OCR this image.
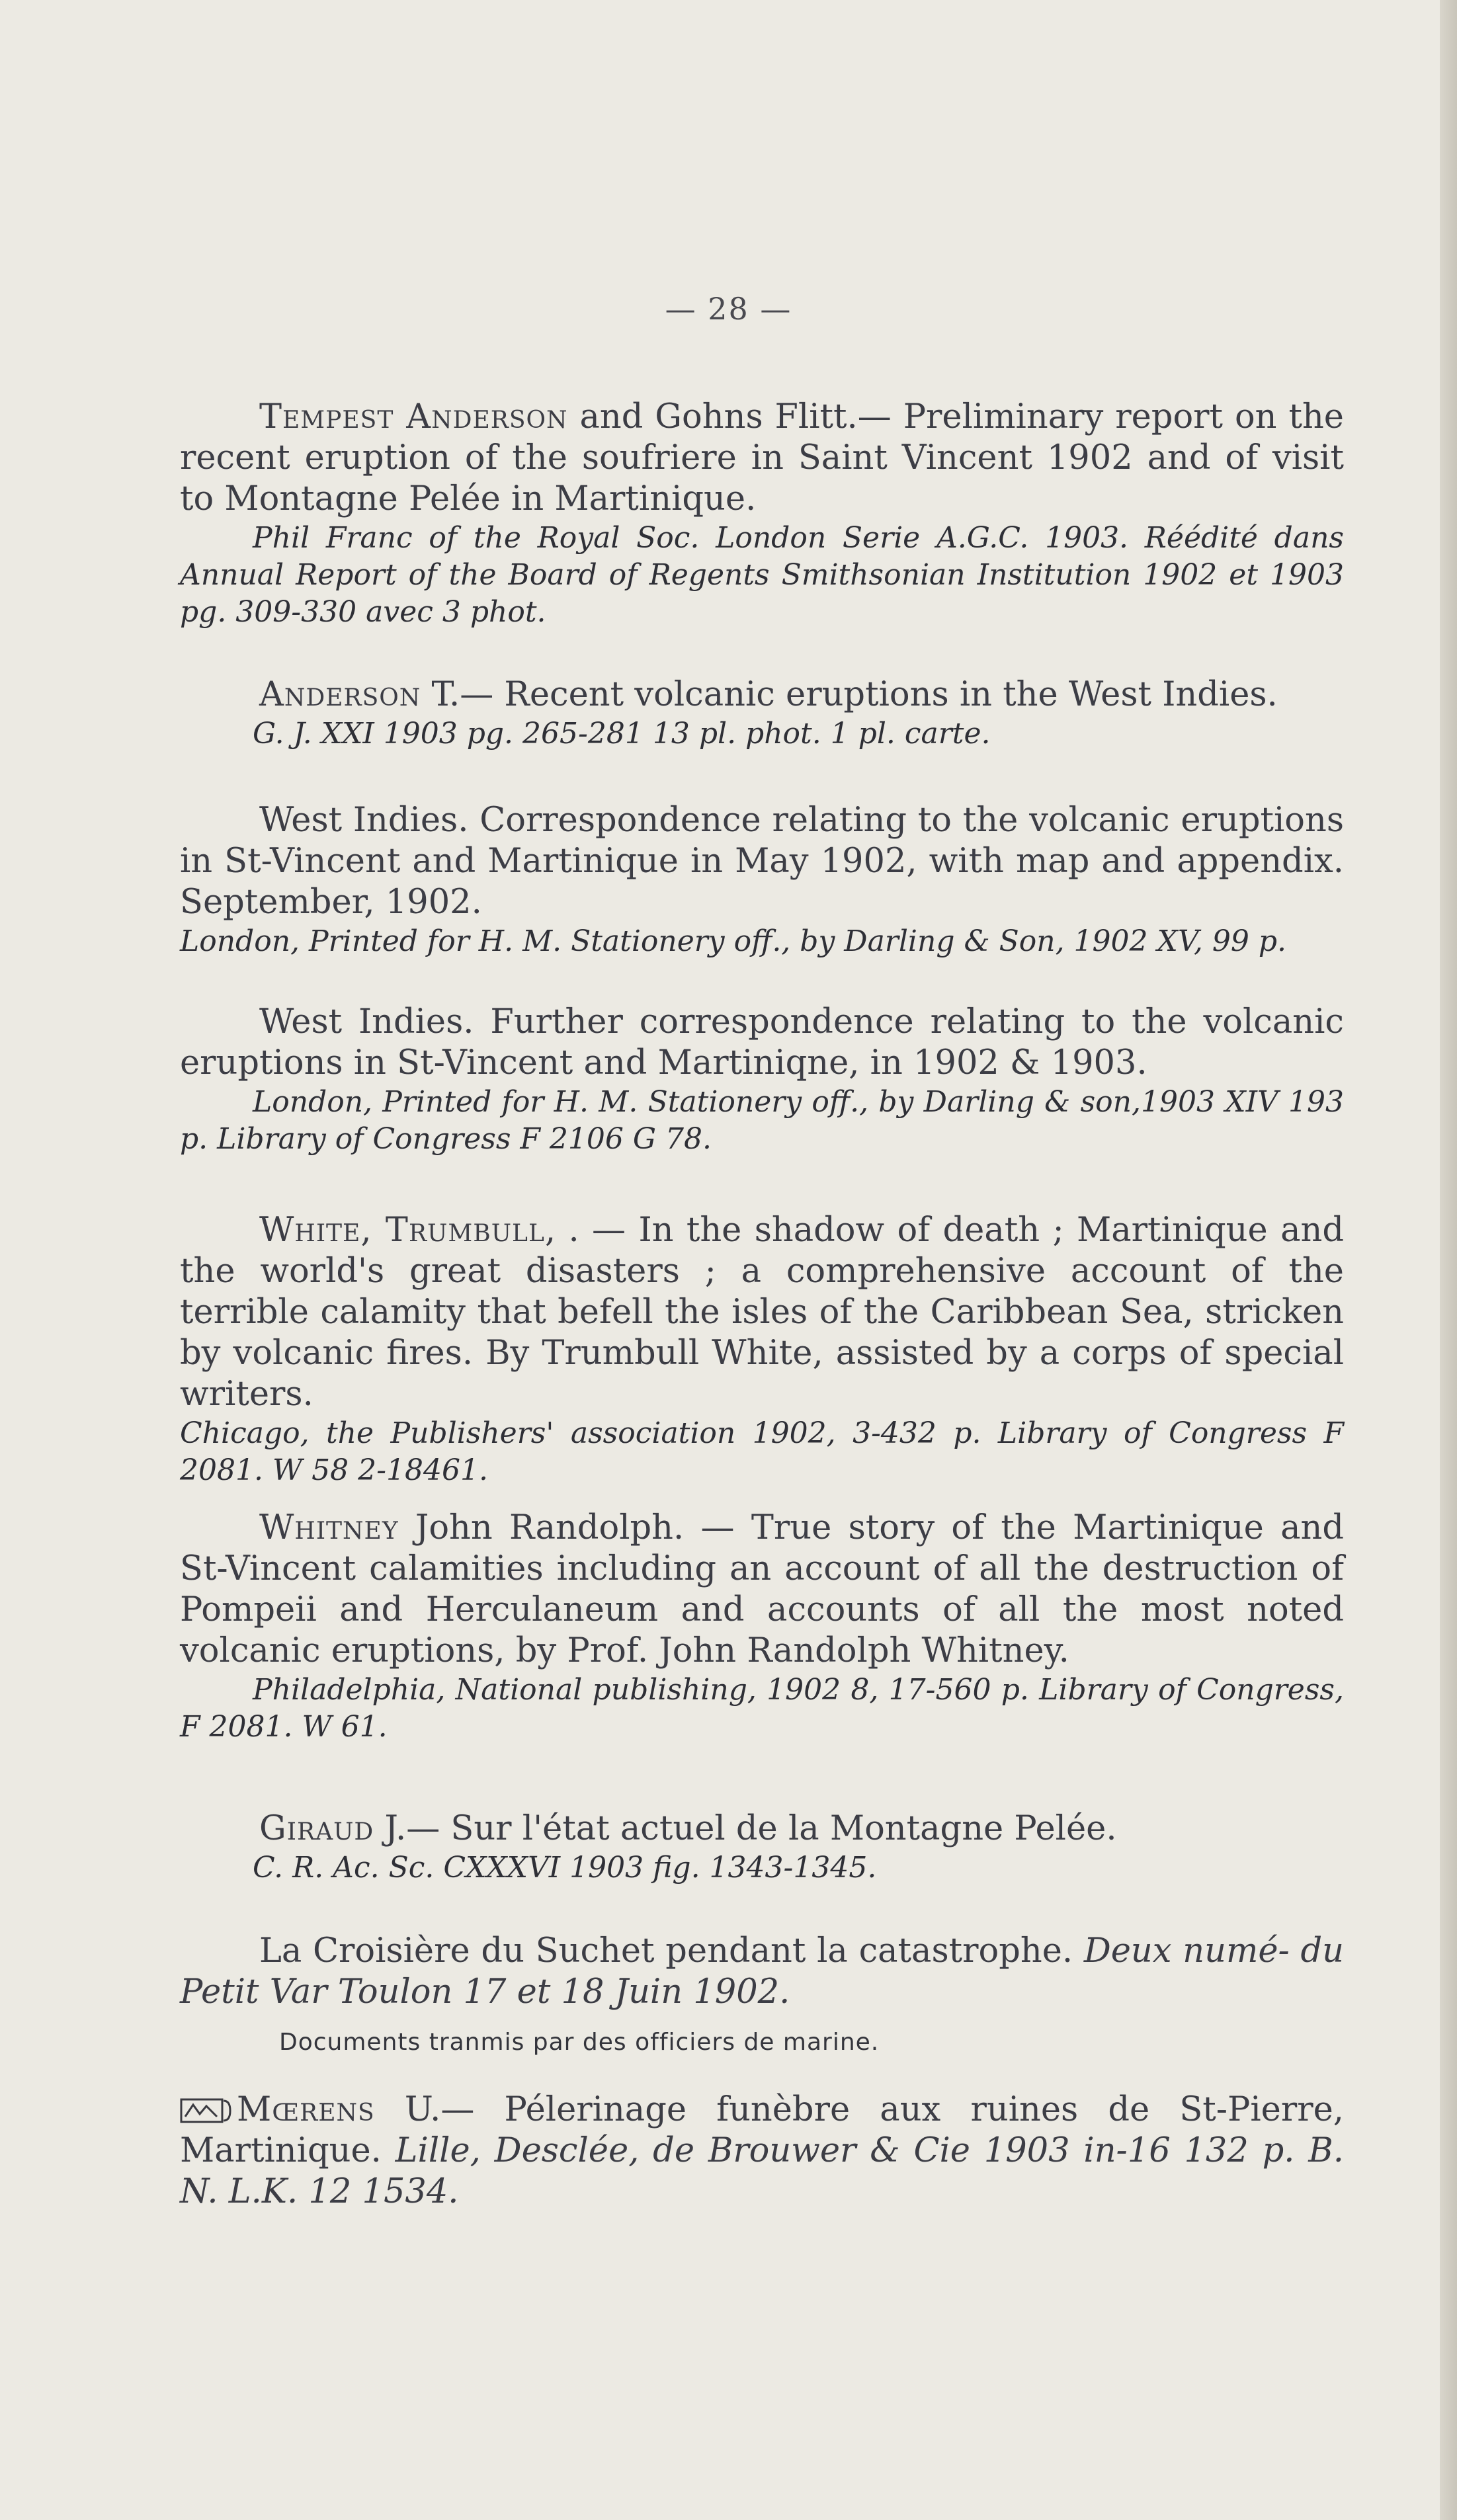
— 28 —

Tempest Anderson and Gohns Flitt.— Preliminary report on the recent eruption of the soufriere in Saint Vincent 1902 and of visit to Montagne Pelée in Martinique.

Phil Franc of the Royal Soc. London Serie A.G.C. 1903. Réédité dans Annual Report of the Board of Regents Smithsonian Institution 1902 et 1903 pg. 309-330 avec 3 phot.

Anderson T.— Recent volcanic eruptions in the West Indies.

G. J. XXI 1903 pg. 265-281 13 pl. phot. 1 pl. carte.

West Indies. Correspondence relating to the volcanic eruptions in St-Vincent and Martinique in May 1902, with map and appendix. September, 1902.

London, Printed for H. M. Stationery off., by Darling & Son, 1902 XV, 99 p.

West Indies. Further correspondence relating to the volcanic eruptions in St-Vincent and Martiniqne, in 1902 & 1903.

London, Printed for H. M. Stationery off., by Darling & son,1903 XIV 193 p. Library of Congress F 2106 G 78.

White, Trumbull, . — In the shadow of death ; Martinique and the world's great disasters ; a comprehensive account of the terrible calamity that befell the isles of the Caribbean Sea, stricken by volcanic fires. By Trumbull White, assisted by a corps of special writers.

Chicago, the Publishers' association 1902, 3-432 p. Library of Congress F 2081. W 58 2-18461.

Whitney John Randolph. — True story of the Martinique and St-Vincent calamities including an account of all the destruction of Pompeii and Herculaneum and accounts of all the most noted volcanic eruptions, by Prof. John Randolph Whitney.

Philadelphia, National publishing, 1902 8, 17-560 p. Library of Congress, F 2081. W 61.

Giraud J.— Sur l'état actuel de la Montagne Pelée.

C. R. Ac. Sc. CXXXVI 1903 fig. 1343-1345.

La Croisière du Suchet pendant la catastrophe. Deux numé- du Petit Var Toulon 17 et 18 Juin 1902.

Documents tranmis par des officiers de marine.

Mœrens U.— Pélerinage funèbre aux ruines de St-Pierre, Martinique. Lille, Desclée, de Brouwer & Cie 1903 in-16 132 p. B. N. L.K. 12 1534.
